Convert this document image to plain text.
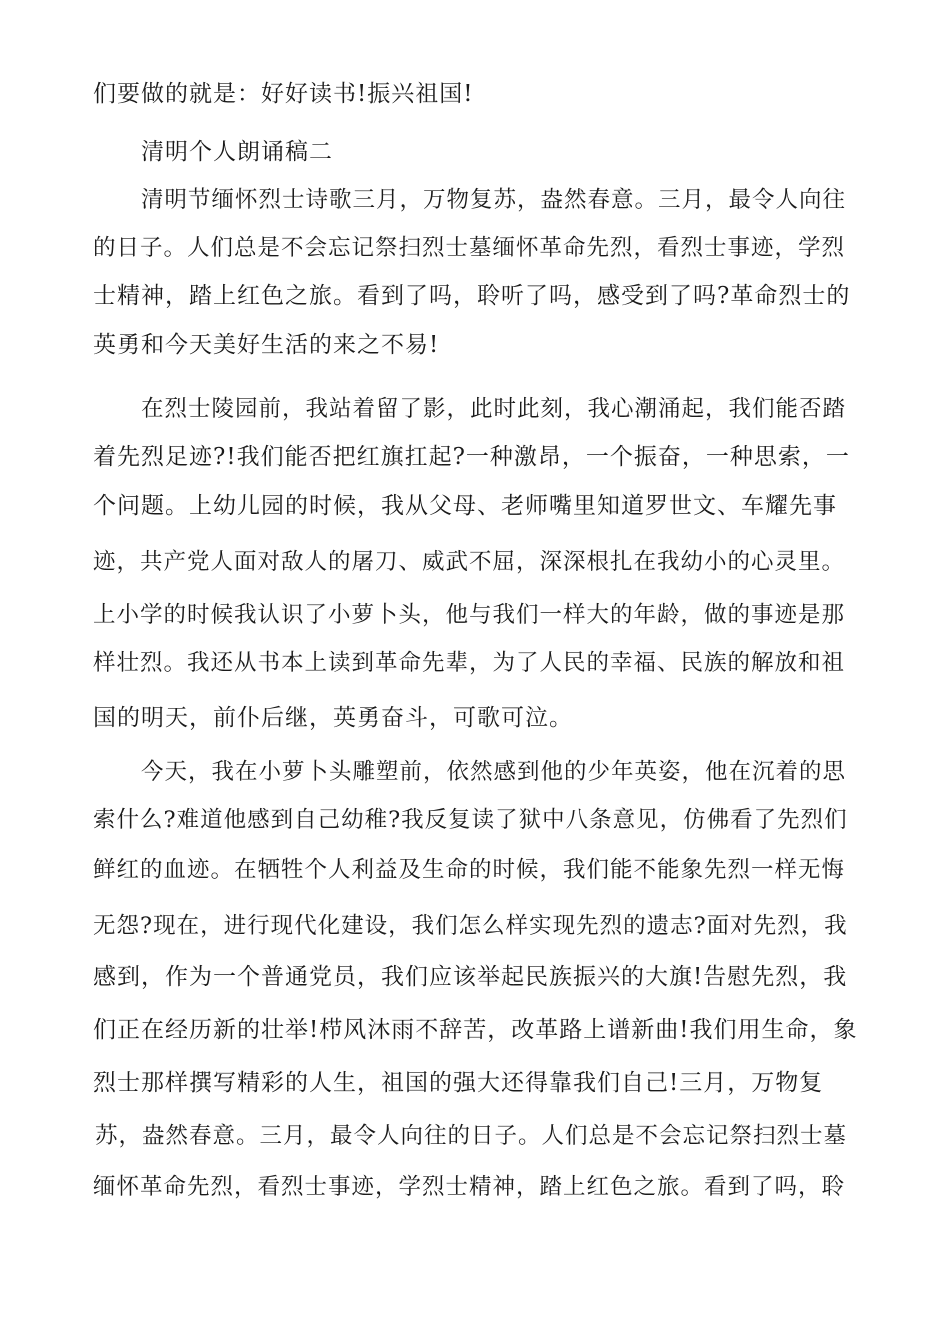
们要做的就是：好好读书!振兴祖国!
清明个人朗诵稿二
清明节缅怀烈士诗歌三月，万物复苏，盎然春意。三月，最令人向往
的日子。人们总是不会忘记祭扫烈士墓缅怀革命先烈，看烈士事迹，学烈
士精神，踏上红色之旅。看到了吗，聆听了吗，感受到了吗?革命烈士的
英勇和今天美好生活的来之不易!
在烈士陵园前，我站着留了影，此时此刻，我心潮涌起，我们能否踏
着先烈足迹?!我们能否把红旗扛起?一种激昂，一个振奋，一种思索，一
个问题。上幼儿园的时候，我从父母、老师嘴里知道罗世文、车耀先事
迹，共产党人面对敌人的屠刀、威武不屈，深深根扎在我幼小的心灵里。
上小学的时候我认识了小萝卜头，他与我们一样大的年龄，做的事迹是那
样壮烈。我还从书本上读到革命先辈，为了人民的幸福、民族的解放和祖
国的明天，前仆后继，英勇奋斗，可歌可泣。
今天，我在小萝卜头雕塑前，依然感到他的少年英姿，他在沉着的思
索什么?难道他感到自己幼稚?我反复读了狱中八条意见，仿佛看了先烈们
鲜红的血迹。在牺牲个人利益及生命的时候，我们能不能象先烈一样无悔
无怨?现在，进行现代化建设，我们怎么样实现先烈的遗志?面对先烈，我
感到，作为一个普通党员，我们应该举起民族振兴的大旗!告慰先烈，我
们正在经历新的壮举!栉风沐雨不辞苦，改革路上谱新曲!我们用生命，象
烈士那样撰写精彩的人生，祖国的强大还得靠我们自己!三月，万物复
苏，盎然春意。三月，最令人向往的日子。人们总是不会忘记祭扫烈士墓
缅怀革命先烈，看烈士事迹，学烈士精神，踏上红色之旅。看到了吗，聆
